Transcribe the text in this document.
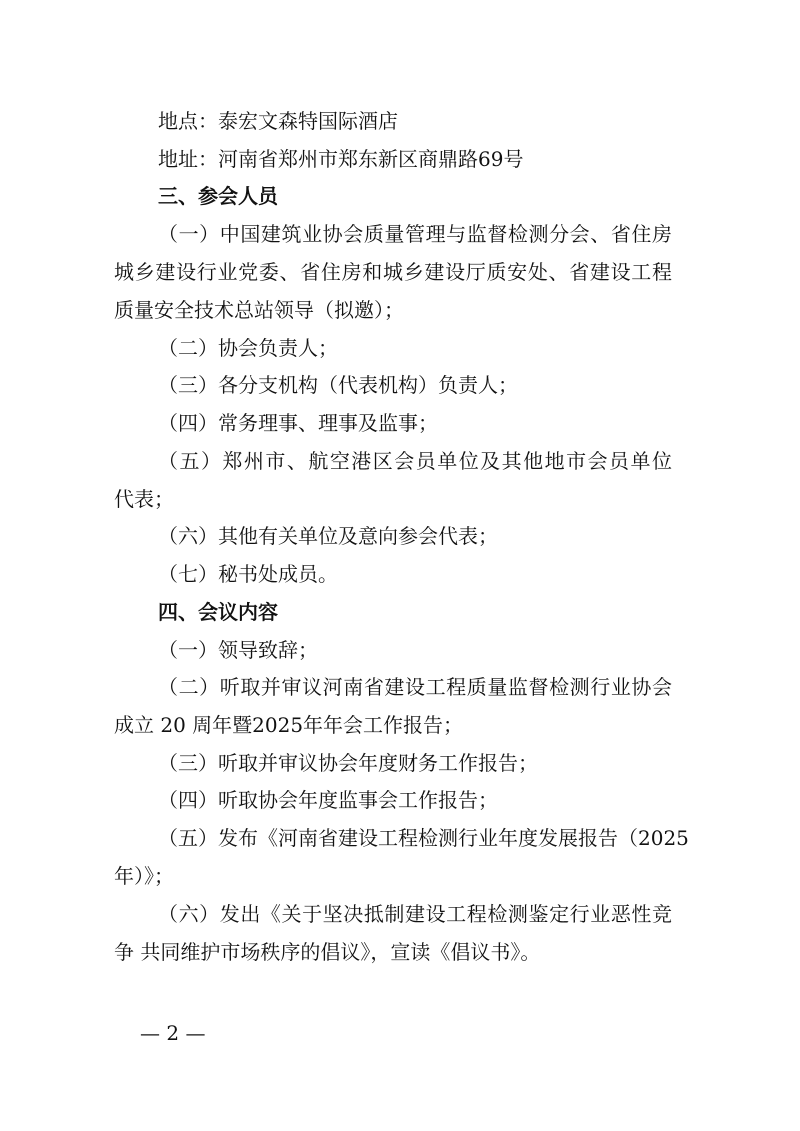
地点：泰宏文森特国际酒店
地址：河南省郑州市郑东新区商鼎路69号
三、参会人员
（一）中国建筑业协会质量管理与监督检测分会、省住房
城乡建设行业党委、省住房和城乡建设厅质安处、省建设工程
质量安全技术总站领导（拟邀）；
（二）协会负责人；
（三）各分支机构（代表机构）负责人；
（四）常务理事、理事及监事；
（五）郑州市、航空港区会员单位及其他地市会员单位
代表；
（六）其他有关单位及意向参会代表；
（七）秘书处成员。
四、会议内容
（一）领导致辞；
（二）听取并审议河南省建设工程质量监督检测行业协会
成立 20 周年暨2025年年会工作报告；
（三）听取并审议协会年度财务工作报告；
（四）听取协会年度监事会工作报告；
（五）发布《河南省建设工程检测行业年度发展报告（2025
年）》；
（六）发出《关于坚决抵制建设工程检测鉴定行业恶性竞
争 共同维护市场秩序的倡议》，宣读《倡议书》。
— 2 —
